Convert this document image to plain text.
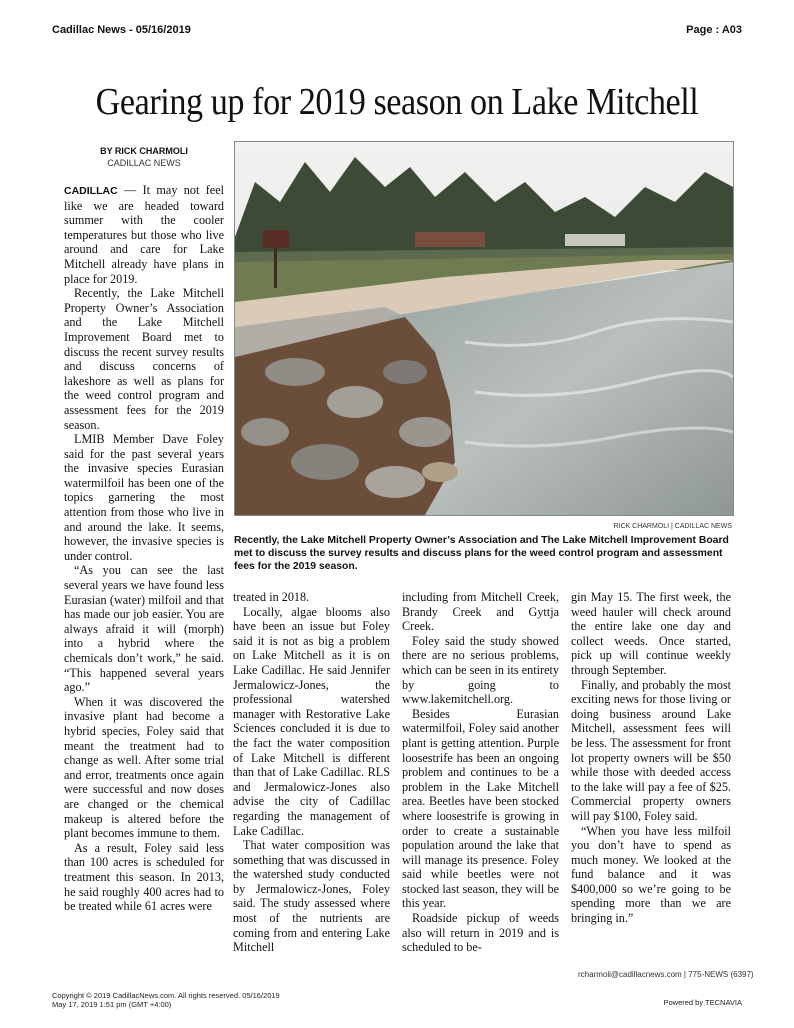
Cadillac News - 05/16/2019	Page : A03
Gearing up for 2019 season on Lake Mitchell
BY RICK CHARMOLI
CADILLAC NEWS
RICK CHARMOLI | CADILLAC NEWS
Recently, the Lake Mitchell Property Owner’s Association and The Lake Mitchell Improvement Board met to discuss the survey results and discuss plans for the weed control program and assessment fees for the 2019 season.

CADILLAC — It may not feel like we are headed toward summer with the cooler temperatures but those who live around and care for Lake Mitchell already have plans in place for 2019.

Recently, the Lake Mitchell Property Owner’s Association and the Lake Mitchell Improvement Board met to discuss the recent survey results and discuss concerns of lakeshore as well as plans for the weed control program and assessment fees for the 2019 season.

LMIB Member Dave Foley said for the past several years the invasive species Eurasian watermilfoil has been one of the topics garnering the most attention from those who live in and around the lake. It seems, however, the invasive species is under control.

“As you can see the last several years we have found less Eurasian (water) milfoil and that has made our job easier. You are always afraid it will (morph) into a hybrid where the chemicals don’t work,” he said. “This happened several years ago.”

When it was discovered the invasive plant had become a hybrid species, Foley said that meant the treatment had to change as well. After some trial and error, treatments once again were successful and now doses are changed or the chemical makeup is altered before the plant becomes immune to them.

As a result, Foley said less than 100 acres is scheduled for treatment this season. In 2013, he said roughly 400 acres had to be treated while 61 acres were

treated in 2018.

Locally, algae blooms also have been an issue but Foley said it is not as big a problem on Lake Mitchell as it is on Lake Cadillac. He said Jennifer Jermalowicz-Jones, the professional watershed manager with Restorative Lake Sciences concluded it is due to the fact the water composition of Lake Mitchell is different than that of Lake Cadillac. RLS and Jermalowicz-Jones also advise the city of Cadillac regarding the management of Lake Cadillac.

That water composition was something that was discussed in the watershed study conducted by Jermalowicz-Jones, Foley said. The study assessed where most of the nutrients are coming from and entering Lake Mitchell

including from Mitchell Creek, Brandy Creek and Gyttja Creek.

Foley said the study showed there are no serious problems, which can be seen in its entirety by going to www.lakemitchell.org.

Besides Eurasian watermilfoil, Foley said another plant is getting attention. Purple loosestrife has been an ongoing problem and continues to be a problem in the Lake Mitchell area. Beetles have been stocked where loosestrife is growing in order to create a sustainable population around the lake that will manage its presence. Foley said while beetles were not stocked last season, they will be this year.

Roadside pickup of weeds also will return in 2019 and is scheduled to be-

gin May 15. The first week, the weed hauler will check around the entire lake one day and collect weeds. Once started, pick up will continue weekly through September.

Finally, and probably the most exciting news for those living or doing business around Lake Mitchell, assessment fees will be less. The assessment for front lot property owners will be $50 while those with deeded access to the lake will pay a fee of $25. Commercial property owners will pay $100, Foley said.

“When you have less milfoil you don’t have to spend as much money. We looked at the fund balance and it was $400,000 so we’re going to be spending more than we are bringing in.”

rcharmoli@cadillacnews.com | 775-NEWS (6397)
Copyright © 2019 CadillacNews.com. All rights reserved. 05/16/2019
May 17, 2019 1:51 pm (GMT +4:00)	Powered by TECNAVIA
